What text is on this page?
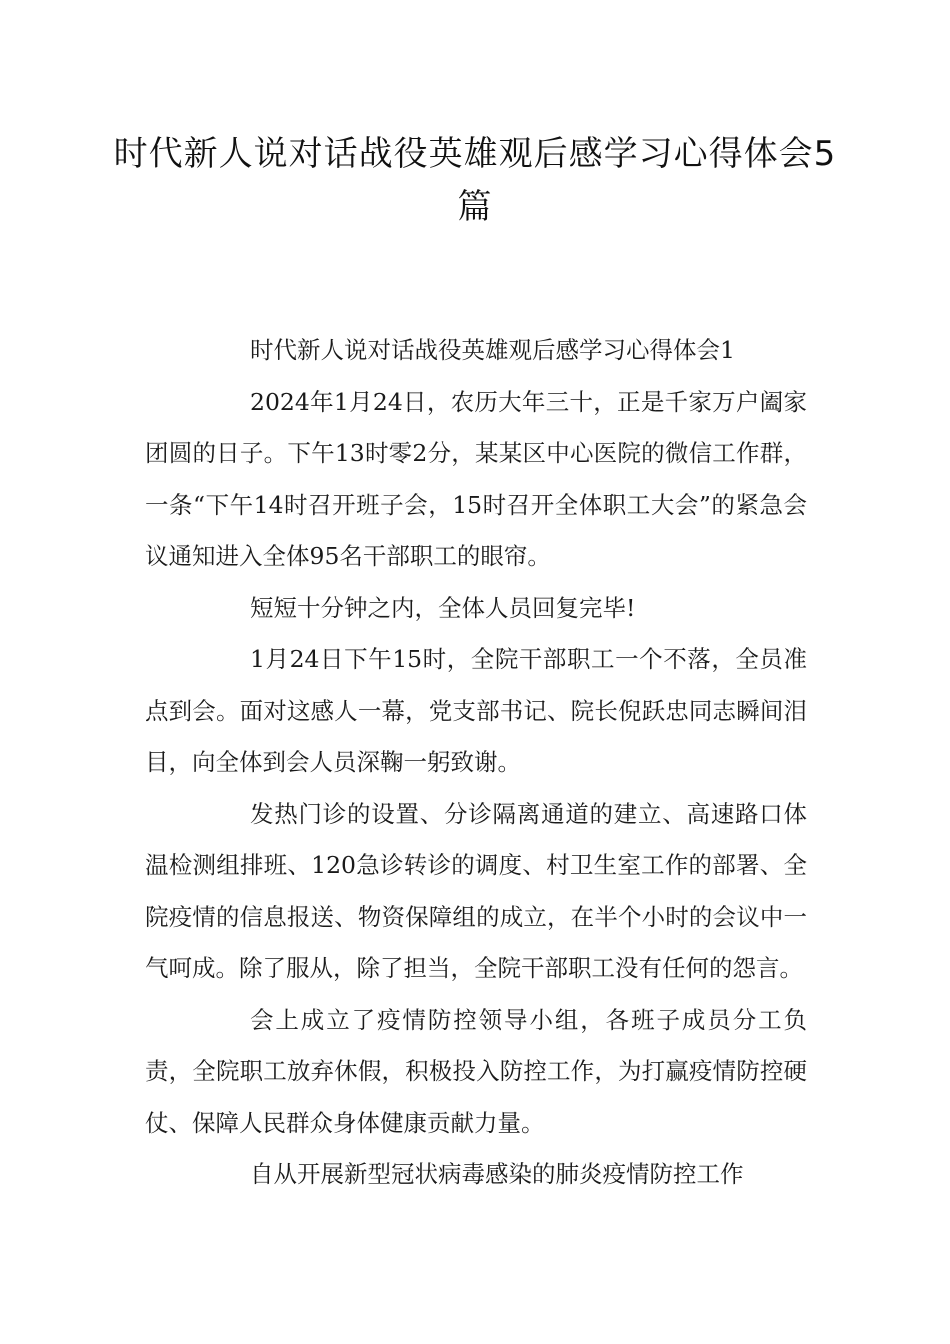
时代新人说对话战役英雄观后感学习心得体会5篇

时代新人说对话战役英雄观后感学习心得体会1

2024年1月24日，农历大年三十，正是千家万户阖家团圆的日子。下午13时零2分，某某区中心医院的微信工作群，一条“下午14时召开班子会，15时召开全体职工大会”的紧急会议通知进入全体95名干部职工的眼帘。

短短十分钟之内，全体人员回复完毕!

1月24日下午15时，全院干部职工一个不落，全员准点到会。面对这感人一幕，党支部书记、院长倪跃忠同志瞬间泪目，向全体到会人员深鞠一躬致谢。

发热门诊的设置、分诊隔离通道的建立、高速路口体温检测组排班、120急诊转诊的调度、村卫生室工作的部署、全院疫情的信息报送、物资保障组的成立，在半个小时的会议中一气呵成。除了服从，除了担当，全院干部职工没有任何的怨言。

会上成立了疫情防控领导小组，各班子成员分工负责，全院职工放弃休假，积极投入防控工作，为打赢疫情防控硬仗、保障人民群众身体健康贡献力量。

自从开展新型冠状病毒感染的肺炎疫情防控工作
